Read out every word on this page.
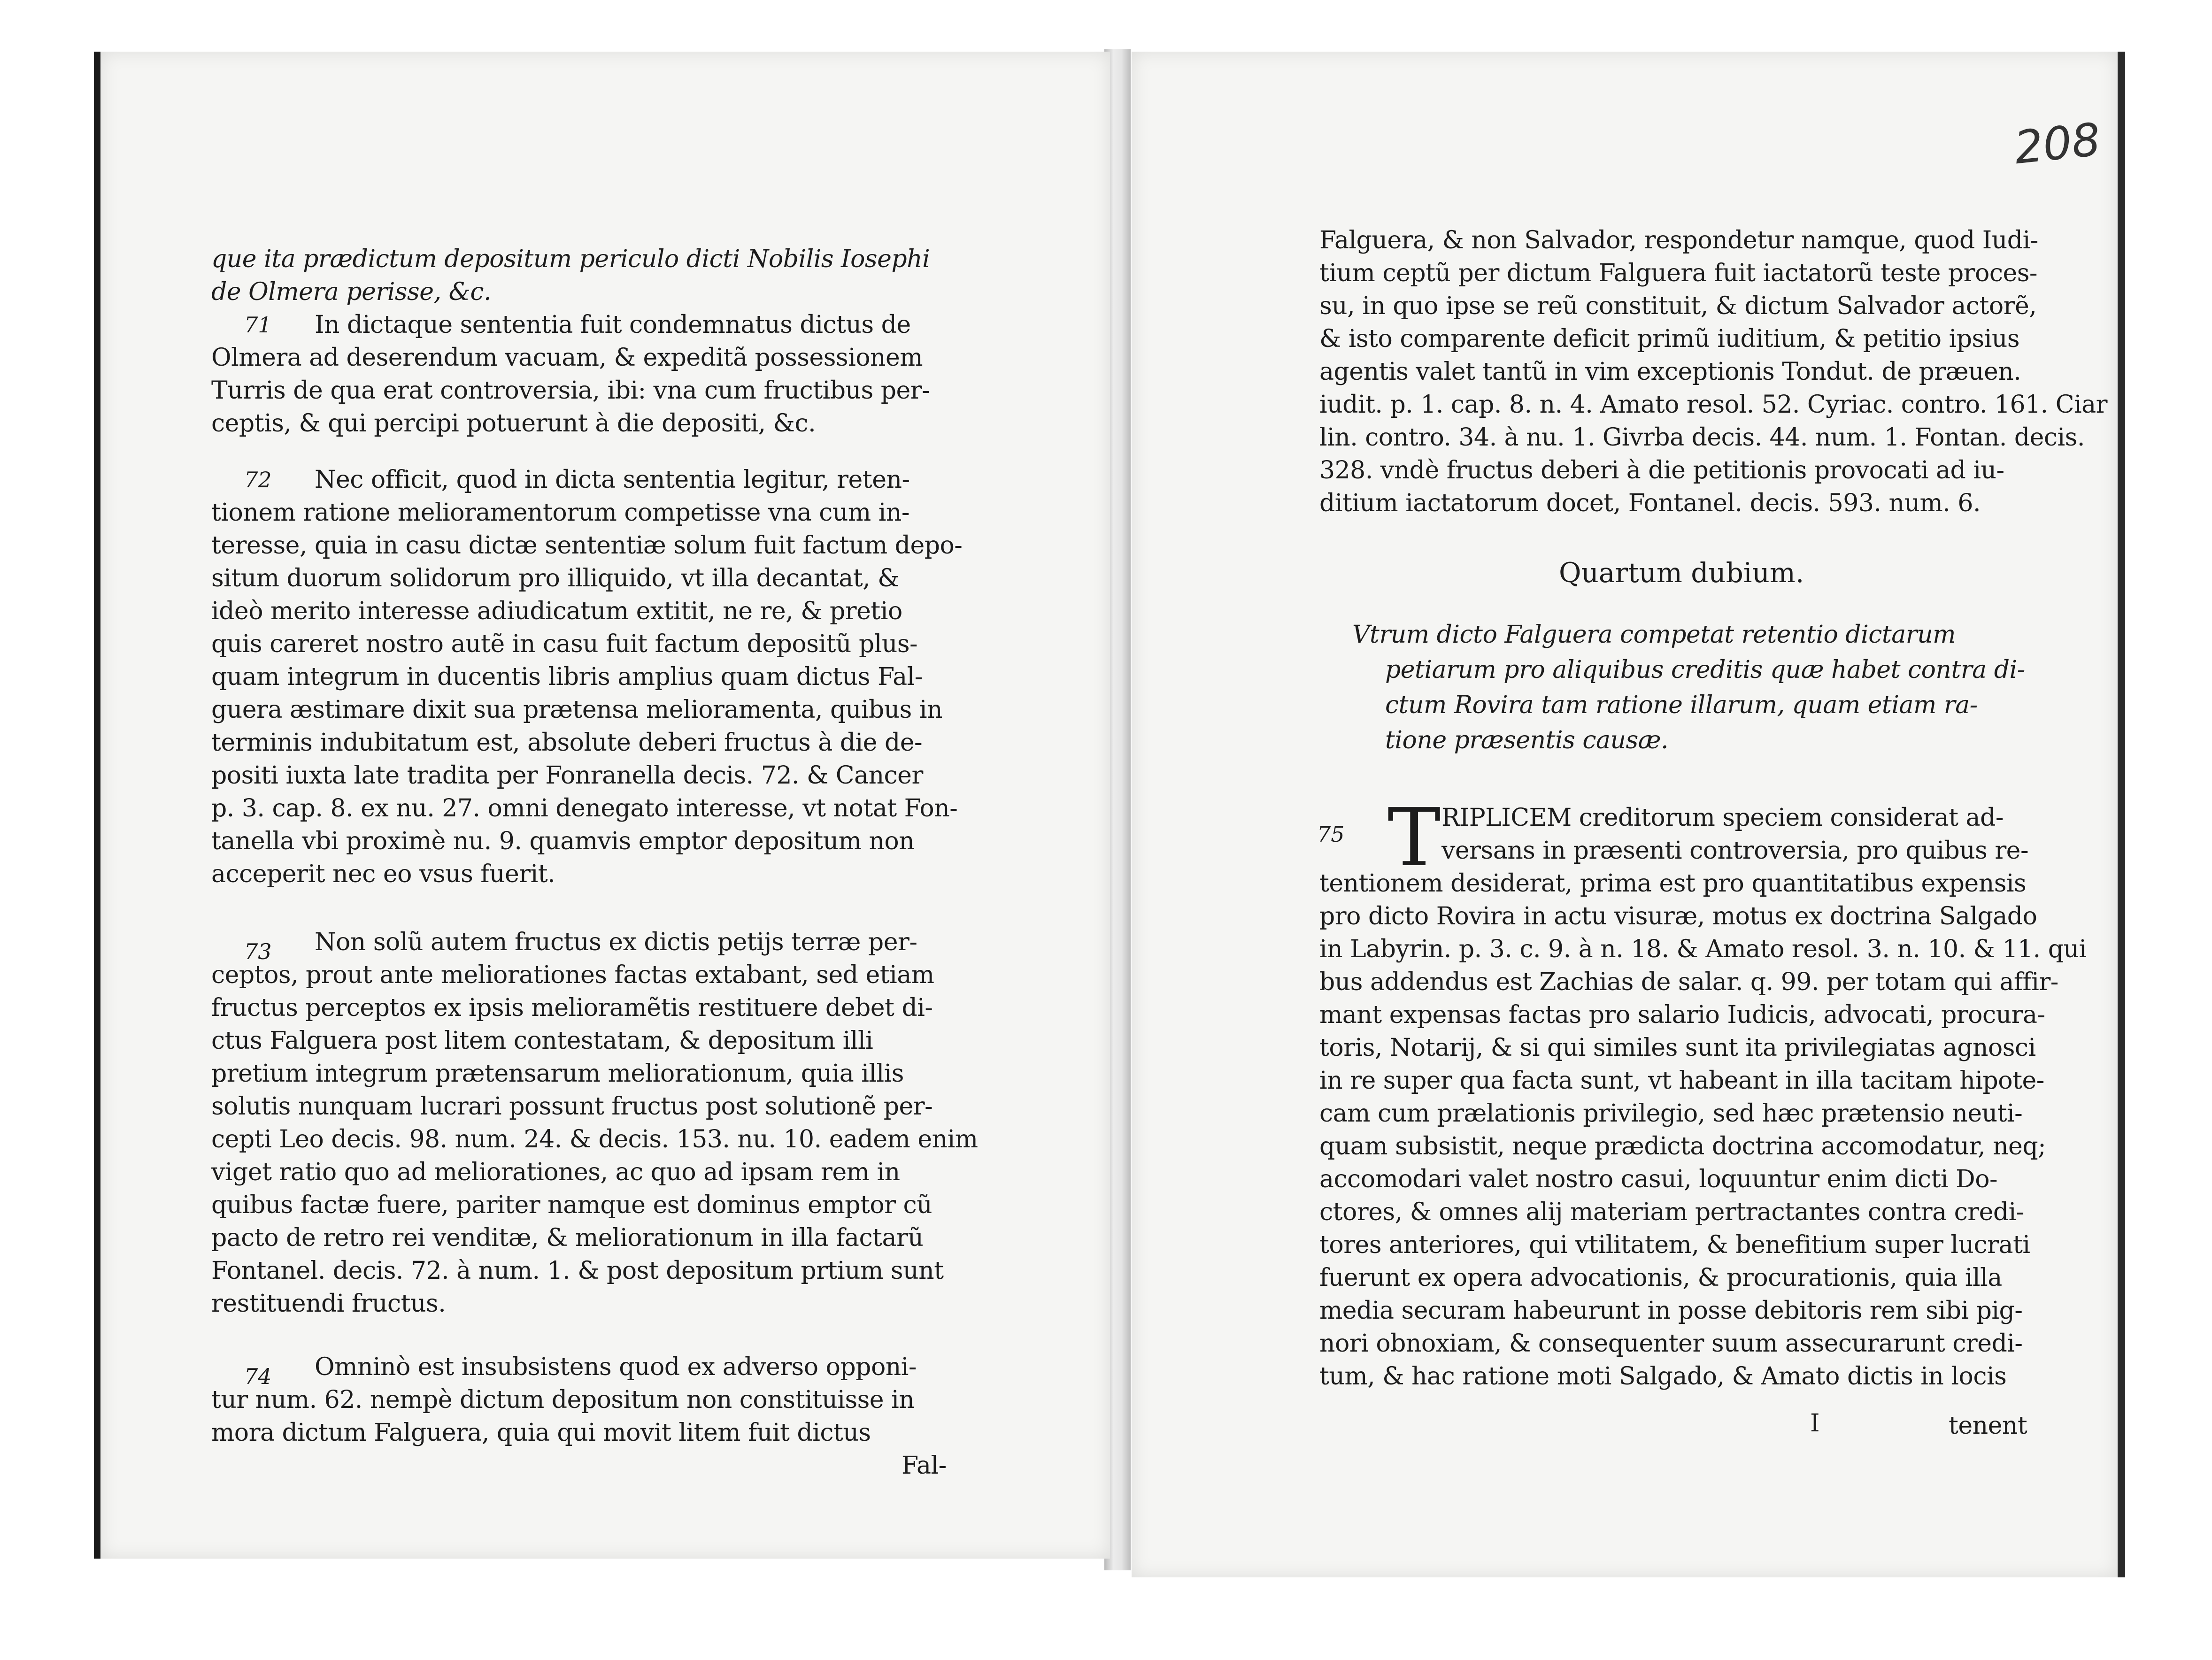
208
que ita prædictum depositum periculo dicti Nobilis Iosephi
de Olmera perisse, &c.
71 In dictaque sententia fuit condemnatus dictus de
Olmera ad deserendum vacuam, & expeditã possessionem
Turris de qua erat controversia, ibi: vna cum fructibus per-
ceptis, & qui percipi potuerunt à die depositi, &c.
72 Nec officit, quod in dicta sententia legitur, reten-
tionem ratione melioramentorum competisse vna cum in-
teresse, quia in casu dictæ sententiæ solum fuit factum depo-
situm duorum solidorum pro illiquido, vt illa decantat, &
ideò merito interesse adiudicatum extitit, ne re, & pretio
quis careret nostro autẽ in casu fuit factum depositũ plus-
quam integrum in ducentis libris amplius quam dictus Fal-
guera æstimare dixit sua prætensa melioramenta, quibus in
terminis indubitatum est, absolute deberi fructus à die de-
positi iuxta late tradita per Fonranella decis. 72. & Cancer
p. 3. cap. 8. ex nu. 27. omni denegato interesse, vt notat Fon-
tanella vbi proximè nu. 9. quamvis emptor depositum non
acceperit nec eo vsus fuerit.
73 Non solũ autem fructus ex dictis petijs terræ per-
ceptos, prout ante meliorationes factas extabant, sed etiam
fructus perceptos ex ipsis melioramẽtis restituere debet di-
ctus Falguera post litem contestatam, & depositum illi
pretium integrum prætensarum meliorationum, quia illis
solutis nunquam lucrari possunt fructus post solutionẽ per-
cepti Leo decis. 98. num. 24. & decis. 153. nu. 10. eadem enim
viget ratio quo ad meliorationes, ac quo ad ipsam rem in
quibus factæ fuere, pariter namque est dominus emptor cũ
pacto de retro rei venditæ, & meliorationum in illa factarũ
Fontanel. decis. 72. à num. 1. & post depositum prtium sunt
restituendi fructus.
74 Omninò est insubsistens quod ex adverso opponi-
tur num. 62. nempè dictum depositum non constituisse in
mora dictum Falguera, quia qui movit litem fuit dictus
Fal-
Falguera, & non Salvador, respondetur namque, quod Iudi-
tium ceptũ per dictum Falguera fuit iactatorũ teste proces-
su, in quo ipse se reũ constituit, & dictum Salvador actorẽ,
& isto comparente deficit primũ iuditium, & petitio ipsius
agentis valet tantũ in vim exceptionis Tondut. de præuen.
iudit. p. 1. cap. 8. n. 4. Amato resol. 52. Cyriac. contro. 161. Ciar
lin. contro. 34. à nu. 1. Givrba decis. 44. num. 1. Fontan. decis.
328. vndè fructus deberi à die petitionis provocati ad iu-
ditium iactatorum docet, Fontanel. decis. 593. num. 6.
Quartum dubium.
Vtrum dicto Falguera competat retentio dictarum
petiarum pro aliquibus creditis quæ habet contra di-
ctum Rovira tam ratione illarum, quam etiam ra-
tione præsentis causæ.
75 T RIPLICEM creditorum speciem considerat ad-
versans in præsenti controversia, pro quibus re-
tentionem desiderat, prima est pro quantitatibus expensis
pro dicto Rovira in actu visuræ, motus ex doctrina Salgado
in Labyrin. p. 3. c. 9. à n. 18. & Amato resol. 3. n. 10. & 11. qui
bus addendus est Zachias de salar. q. 99. per totam qui affir-
mant expensas factas pro salario Iudicis, advocati, procura-
toris, Notarij, & si qui similes sunt ita privilegiatas agnosci
in re super qua facta sunt, vt habeant in illa tacitam hipote-
cam cum prælationis privilegio, sed hæc prætensio neuti-
quam subsistit, neque prædicta doctrina accomodatur, neq;
accomodari valet nostro casui, loquuntur enim dicti Do-
ctores, & omnes alij materiam pertractantes contra credi-
tores anteriores, qui vtilitatem, & benefitium super lucrati
fuerunt ex opera advocationis, & procurationis, quia illa
media securam habeurunt in posse debitoris rem sibi pig-
nori obnoxiam, & consequenter suum assecurarunt credi-
tum, & hac ratione moti Salgado, & Amato dictis in locis
I	tenent
